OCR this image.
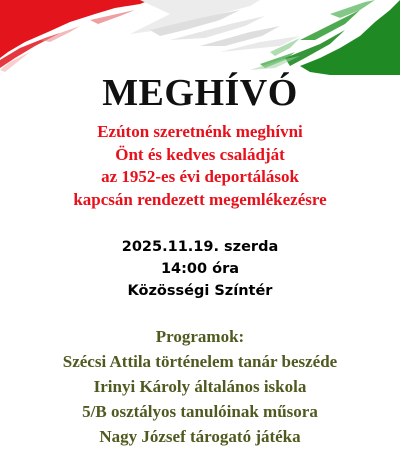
MEGHÍVÓ
Ezúton szeretnénk meghívni
Önt és kedves családját
az 1952-es évi deportálások
kapcsán rendezett megemlékezésre
2025.11.19. szerda
14:00 óra
Közösségi Színtér
Programok:
Szécsi Attila történelem tanár beszéde
Irinyi Károly általános iskola
5/B osztályos tanulóinak műsora
Nagy József tárogató játéka
